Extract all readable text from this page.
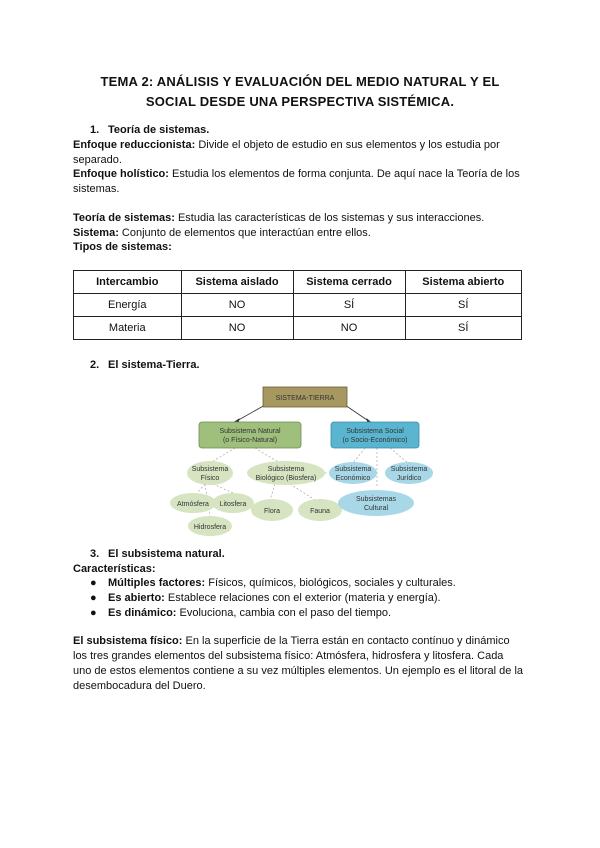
TEMA 2: ANÁLISIS Y EVALUACIÓN DEL MEDIO NATURAL Y EL
SOCIAL DESDE UNA PERSPECTIVA SISTÉMICA.
1. Teoría de sistemas.
Enfoque reduccionista: Divide el objeto de estudio en sus elementos y los estudia por
separado.
Enfoque holístico: Estudia los elementos de forma conjunta. De aquí nace la Teoría de los
sistemas.
Teoría de sistemas: Estudia las características de los sistemas y sus interacciones.
Sistema: Conjunto de elementos que interactúan entre ellos.
Tipos de sistemas:
Intercambio	Sistema aislado	Sistema cerrado	Sistema abierto
Energía	NO	SÍ	SÍ
Materia	NO	NO	SÍ
2. El sistema-Tierra.
SISTEMA-TIERRA
Subsistema Natural
(o Físico-Natural)
Subsistema Social
(o Socio-Económico)
Subsistema
Físico
Subsistema
Biológico (Biosfera)
Atmósfera Litosfera
Hidrosfera
Flora	Fauna
Subsistema
Económico
Subsistema
Jurídico
Subsistemas
Cultural
3. El subsistema natural.
Características:
● Múltiples factores: Físicos, químicos, biológicos, sociales y culturales.
● Es abierto: Establece relaciones con el exterior (materia y energía).
● Es dinámico: Evoluciona, cambia con el paso del tiempo.
El subsistema físico: En la superficie de la Tierra están en contacto contínuo y dinámico
los tres grandes elementos del subsistema físico: Atmósfera, hidrosfera y litosfera. Cada
uno de estos elementos contiene a su vez múltiples elementos. Un ejemplo es el litoral de la
desembocadura del Duero.
